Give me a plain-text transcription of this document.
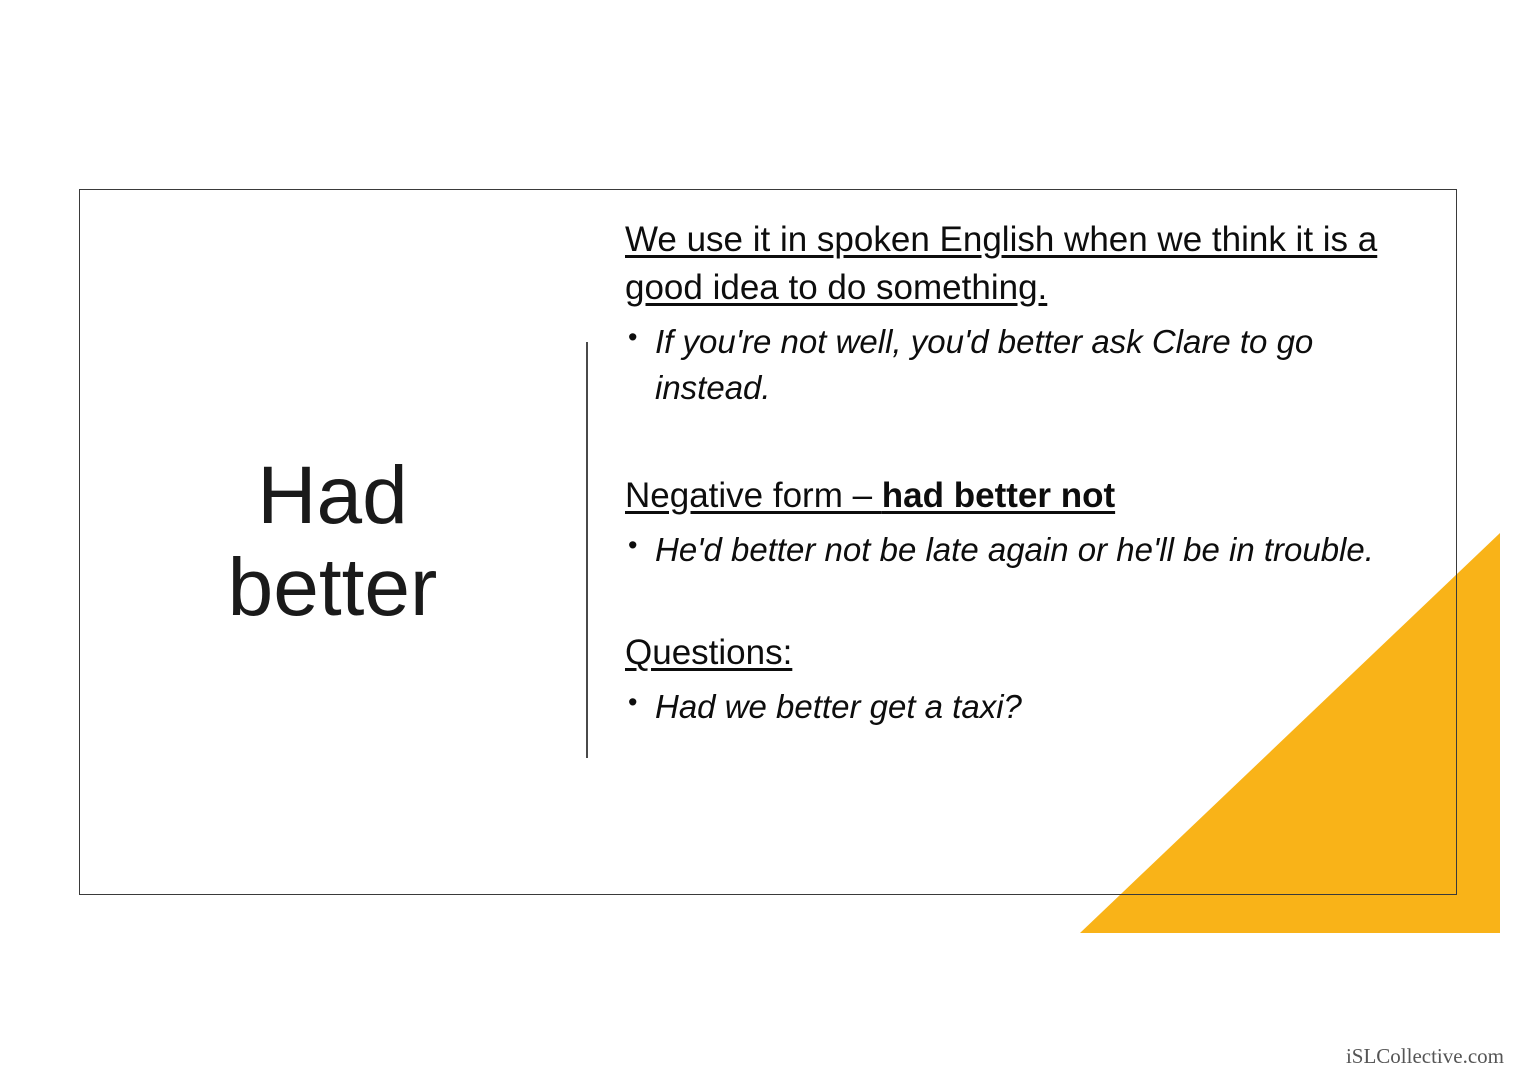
Had
better

We use it in spoken English when we think it is a good idea to do something.

• If you're not well, you'd better ask Clare to go instead.

Negative form – had better not

• He'd better not be late again or he'll be in trouble.

Questions:

• Had we better get a taxi?
iSLCollective.com
